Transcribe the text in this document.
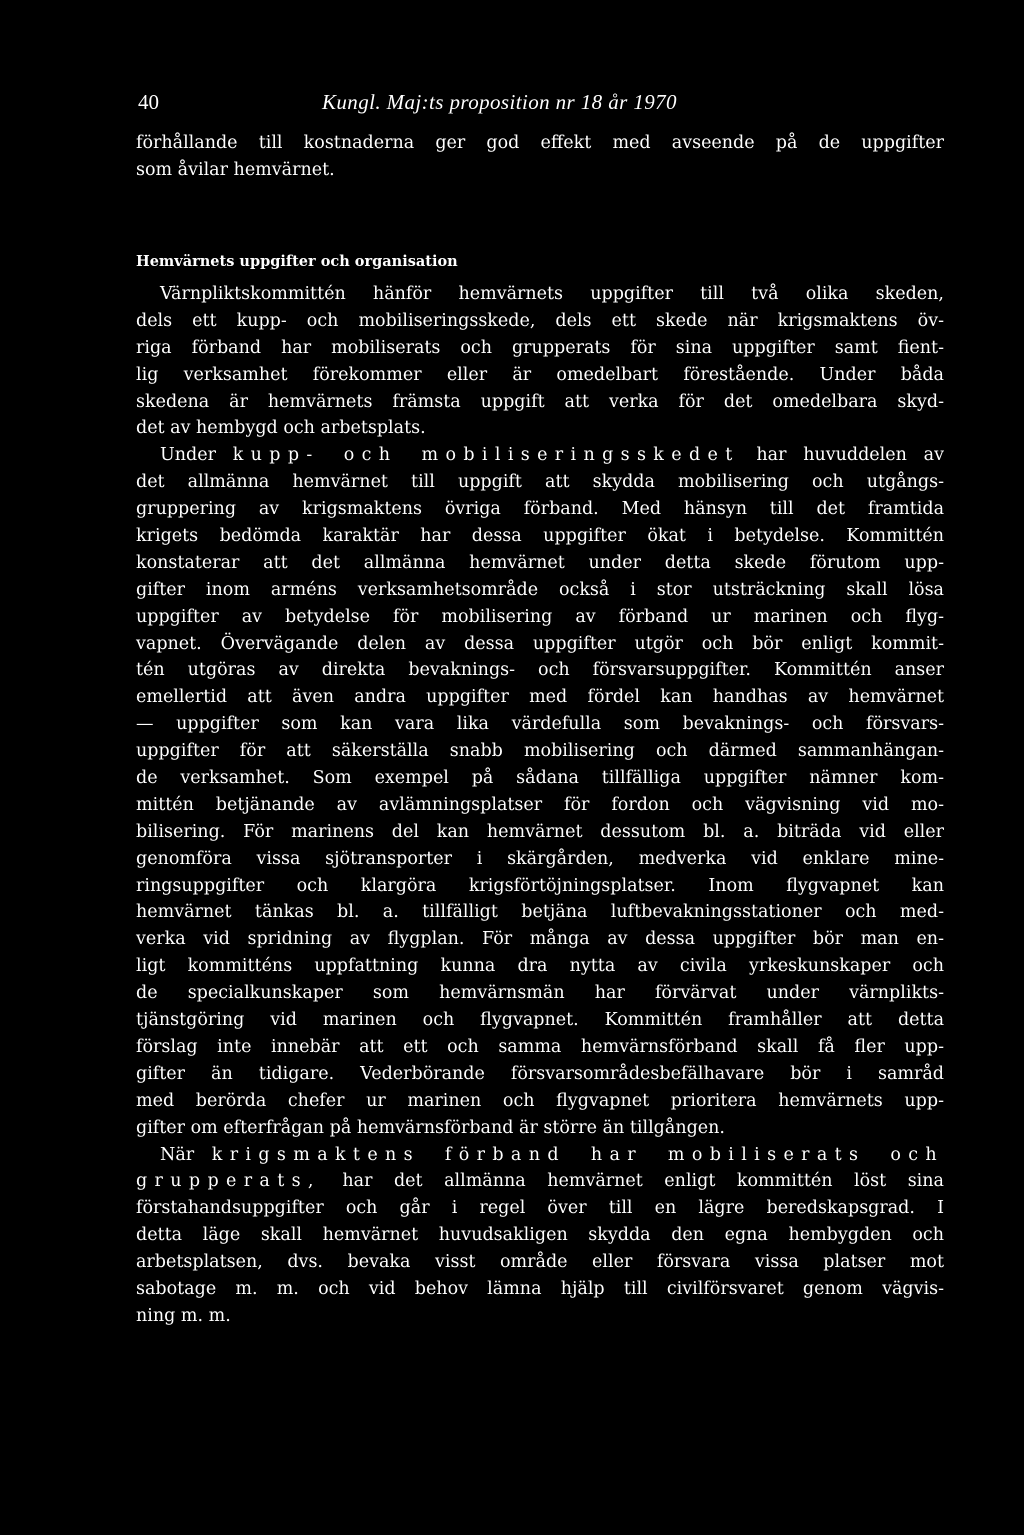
40	Kungl. Maj:ts proposition nr 18 år 1970
förhållande till kostnaderna ger god effekt med avseende på de uppgifter
som åvilar hemvärnet.
Hemvärnets uppgifter och organisation
Värnpliktskommittén hänför hemvärnets uppgifter till två olika skeden,
dels ett kupp- och mobiliseringsskede, dels ett skede när krigsmaktens öv-
riga förband har mobiliserats och grupperats för sina uppgifter samt fient-
lig verksamhet förekommer eller är omedelbart förestående. Under båda
skedena är hemvärnets främsta uppgift att verka för det omedelbara skyd-
det av hembygd och arbetsplats.
Under kupp- och mobiliseringsskedet har huvuddelen av
det allmänna hemvärnet till uppgift att skydda mobilisering och utgångs-
gruppering av krigsmaktens övriga förband. Med hänsyn till det framtida
krigets bedömda karaktär har dessa uppgifter ökat i betydelse. Kommittén
konstaterar att det allmänna hemvärnet under detta skede förutom upp-
gifter inom arméns verksamhetsområde också i stor utsträckning skall lösa
uppgifter av betydelse för mobilisering av förband ur marinen och flyg-
vapnet. Övervägande delen av dessa uppgifter utgör och bör enligt kommit-
tén utgöras av direkta bevaknings- och försvarsuppgifter. Kommittén anser
emellertid att även andra uppgifter med fördel kan handhas av hemvärnet
— uppgifter som kan vara lika värdefulla som bevaknings- och försvars-
uppgifter för att säkerställa snabb mobilisering och därmed sammanhängan-
de verksamhet. Som exempel på sådana tillfälliga uppgifter nämner kom-
mittén betjänande av avlämningsplatser för fordon och vägvisning vid mo-
bilisering. För marinens del kan hemvärnet dessutom bl. a. biträda vid eller
genomföra vissa sjötransporter i skärgården, medverka vid enklare mine-
ringsuppgifter och klargöra krigsförtöjningsplatser. Inom flygvapnet kan
hemvärnet tänkas bl. a. tillfälligt betjäna luftbevakningsstationer och med-
verka vid spridning av flygplan. För många av dessa uppgifter bör man en-
ligt kommitténs uppfattning kunna dra nytta av civila yrkeskunskaper och
de specialkunskaper som hemvärnsmän har förvärvat under värnplikts-
tjänstgöring vid marinen och flygvapnet. Kommittén framhåller att detta
förslag inte innebär att ett och samma hemvärnsförband skall få fler upp-
gifter än tidigare. Vederbörande försvarsområdesbefälhavare bör i samråd
med berörda chefer ur marinen och flygvapnet prioritera hemvärnets upp-
gifter om efterfrågan på hemvärnsförband är större än tillgången.
När krigsmaktens förband har mobiliserats och
grupperats, har det allmänna hemvärnet enligt kommittén löst sina
förstahandsuppgifter och går i regel över till en lägre beredskapsgrad. I
detta läge skall hemvärnet huvudsakligen skydda den egna hembygden och
arbetsplatsen, dvs. bevaka visst område eller försvara vissa platser mot
sabotage m. m. och vid behov lämna hjälp till civilförsvaret genom vägvis-
ning m. m.
